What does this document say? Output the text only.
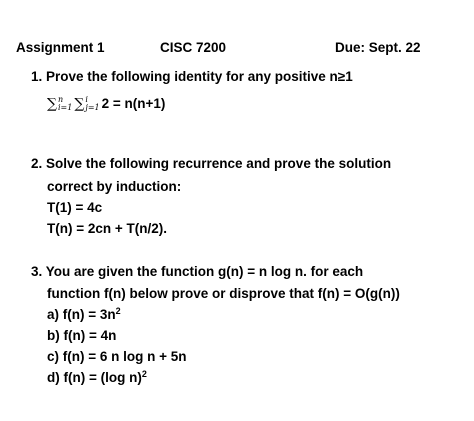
Assignment 1	CISC 7200	Due: Sept. 22
1. Prove the following identity for any positive n≥1
∑ n
i=1 ∑ i
j=1 2 = n(n+1)
2. Solve the following recurrence and prove the solution
correct by induction:
T(1) = 4c
T(n) = 2cn + T(n/2).
3. You are given the function g(n) = n log n. for each
function f(n) below prove or disprove that f(n) = O(g(n))
a) $f(n) = 3n^2$
b) f(n) = 4n
c) f(n) = 6 n log n + 5n
d) f(n) = (log n)$^2$
